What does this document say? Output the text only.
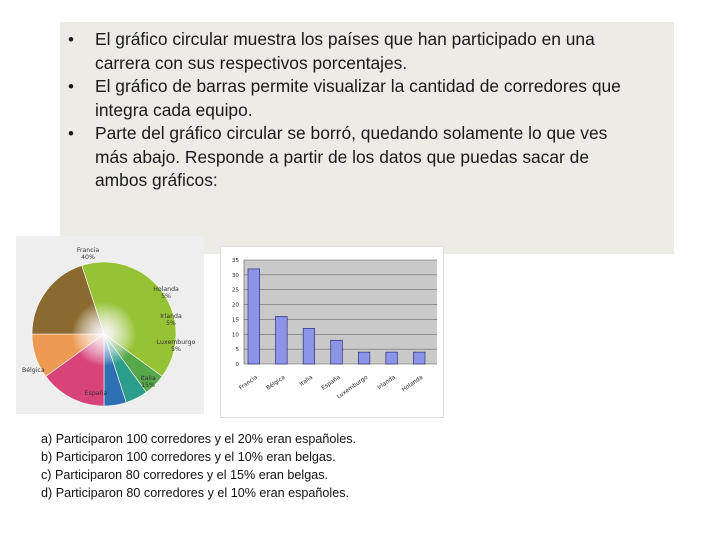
• El gráfico circular muestra los países que han participado en una carrera con sus respectivos porcentajes.
• El gráfico de barras permite visualizar la cantidad de corredores que integra cada equipo.
• Parte del gráfico circular se borró, quedando solamente lo que ves más abajo. Responde a partir de los datos que puedas sacar de ambos gráficos:
Francia 40%
Holanda 5%
Irlanda 5%
Luxemburgo 5%
Italia 15%
España
Bélgica
0
5
10
15
20
25
30
35
Francia Bélgica Italia España
Luxemburgo Irlanda Holanda
a) Participaron 100 corredores y el 20% eran españoles.
b) Participaron 100 corredores y el 10% eran belgas.
c) Participaron 80 corredores y el 15% eran belgas.
d) Participaron 80 corredores y el 10% eran españoles.
